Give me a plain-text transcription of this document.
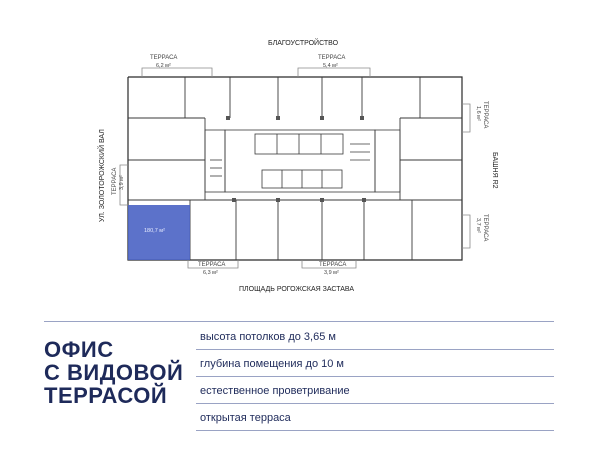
БЛАГОУСТРОЙСТВО
ПЛОЩАДЬ РОГОЖСКАЯ ЗАСТАВА
УЛ. ЗОЛОТОРОЖСКИЙ ВАЛ	БАШНЯ R2
ТЕРРАСА
6,2 м²
ТЕРРАСА
5,4 м²
ТЕРРАСА 3,9 м²
ТЕРРАСА
1,6 м²
ТЕРРАСА
3,7 м²
ТЕРРАСА
6,3 м²
ТЕРРАСА
3,9 м²
180,7 м²
ОФИС
С ВИДОВОЙ
ТЕРРАСОЙ
высота потолков до 3,65 м
глубина помещения до 10 м
естественное проветривание
открытая терраса
